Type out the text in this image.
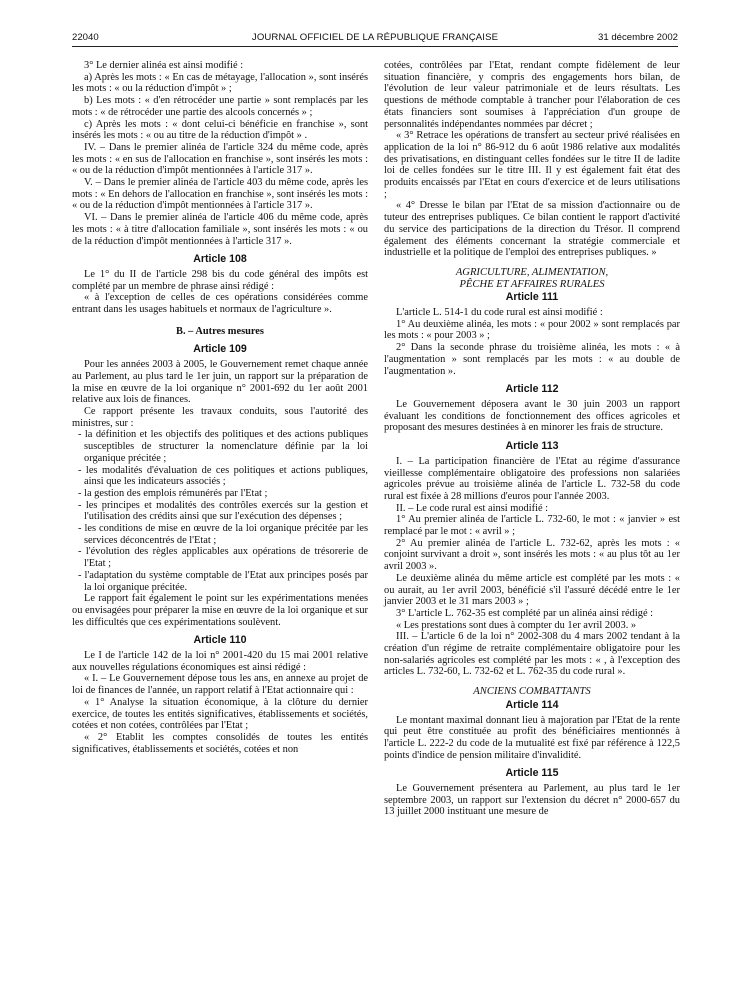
22040	JOURNAL OFFICIEL DE LA RÉPUBLIQUE FRANÇAISE	31 décembre 2002

3° Le dernier alinéa est ainsi modifié :

a) Après les mots : « En cas de métayage, l'allocation », sont insérés les mots : « ou la réduction d'impôt » ;

b) Les mots : « d'en rétrocéder une partie » sont remplacés par les mots : « de rétrocéder une partie des alcools concernés » ;

c) Après les mots : « dont celui-ci bénéficie en franchise », sont insérés les mots : « ou au titre de la réduction d'impôt » .

IV. – Dans le premier alinéa de l'article 324 du même code, après les mots : « en sus de l'allocation en franchise », sont insérés les mots : « ou de la réduction d'impôt mentionnées à l'article 317 ».

V. – Dans le premier alinéa de l'article 403 du même code, après les mots : « En dehors de l'allocation en franchise », sont insérés les mots : « ou de la réduction d'impôt mentionnées à l'article 317 ».

VI. – Dans le premier alinéa de l'article 406 du même code, après les mots : « à titre d'allocation familiale », sont insérés les mots : « ou de la réduction d'impôt mentionnées à l'article 317 ».

Article 108

Le 1° du II de l'article 298 bis du code général des impôts est complété par un membre de phrase ainsi rédigé :

« à l'exception de celles de ces opérations considérées comme entrant dans les usages habituels et normaux de l'agriculture ».

B. – Autres mesures
Article 109

Pour les années 2003 à 2005, le Gouvernement remet chaque année au Parlement, au plus tard le 1er juin, un rapport sur la préparation de la mise en œuvre de la loi organique n° 2001-692 du 1er août 2001 relative aux lois de finances.

Ce rapport présente les travaux conduits, sous l'autorité des ministres, sur :

- la définition et les objectifs des politiques et des actions publiques susceptibles de structurer la nomenclature définie par la loi organique précitée ;

- les modalités d'évaluation de ces politiques et actions publiques, ainsi que les indicateurs associés ;

- la gestion des emplois rémunérés par l'Etat ;

- les principes et modalités des contrôles exercés sur la gestion et l'utilisation des crédits ainsi que sur l'exécution des dépenses ;

- les conditions de mise en œuvre de la loi organique précitée par les services déconcentrés de l'Etat ;

- l'évolution des règles applicables aux opérations de trésorerie de l'Etat ;

- l'adaptation du système comptable de l'Etat aux principes posés par la loi organique précitée.

Le rapport fait également le point sur les expérimentations menées ou envisagées pour préparer la mise en œuvre de la loi organique et sur les difficultés que ces expérimentations soulèvent.

Article 110

Le I de l'article 142 de la loi n° 2001-420 du 15 mai 2001 relative aux nouvelles régulations économiques est ainsi rédigé :

« I. – Le Gouvernement dépose tous les ans, en annexe au projet de loi de finances de l'année, un rapport relatif à l'Etat actionnaire qui :

« 1° Analyse la situation économique, à la clôture du dernier exercice, de toutes les entités significatives, établissements et sociétés, cotées et non cotées, contrôlées par l'Etat ;

« 2° Etablit les comptes consolidés de toutes les entités significatives, établissements et sociétés, cotées et non

cotées, contrôlées par l'Etat, rendant compte fidèlement de leur situation financière, y compris des engagements hors bilan, de l'évolution de leur valeur patrimoniale et de leurs résultats. Les questions de méthode comptable à trancher pour l'élaboration de ces états financiers sont soumises à l'appréciation d'un groupe de personnalités indépendantes nommées par décret ;

« 3° Retrace les opérations de transfert au secteur privé réalisées en application de la loi n° 86-912 du 6 août 1986 relative aux modalités des privatisations, en distinguant celles fondées sur le titre II de ladite loi de celles fondées sur le titre III. Il y est également fait état des produits encaissés par l'Etat en cours d'exercice et de leurs utilisations ;

« 4° Dresse le bilan par l'Etat de sa mission d'actionnaire ou de tuteur des entreprises publiques. Ce bilan contient le rapport d'activité du service des participations de la direction du Trésor. Il comprend également des éléments concernant la stratégie commerciale et industrielle et la politique de l'emploi des entreprises publiques. »

AGRICULTURE, ALIMENTATION,
PÊCHE ET AFFAIRES RURALES
Article 111

L'article L. 514-1 du code rural est ainsi modifié :

1° Au deuxième alinéa, les mots : « pour 2002 » sont remplacés par les mots : « pour 2003 » ;

2° Dans la seconde phrase du troisième alinéa, les mots : « à l'augmentation » sont remplacés par les mots : « au double de l'augmentation ».

Article 112

Le Gouvernement déposera avant le 30 juin 2003 un rapport évaluant les conditions de fonctionnement des offices agricoles et proposant des mesures destinées à en minorer les frais de structure.

Article 113

I. – La participation financière de l'Etat au régime d'assurance vieillesse complémentaire obligatoire des professions non salariées agricoles prévue au troisième alinéa de l'article L. 732-58 du code rural est fixée à 28 millions d'euros pour l'année 2003.

II. – Le code rural est ainsi modifié :

1° Au premier alinéa de l'article L. 732-60, le mot : « janvier » est remplacé par le mot : « avril » ;

2° Au premier alinéa de l'article L. 732-62, après les mots : « conjoint survivant a droit », sont insérés les mots : « au plus tôt au 1er avril 2003 ».

Le deuxième alinéa du même article est complété par les mots : « ou aurait, au 1er avril 2003, bénéficié s'il l'assuré décédé entre le 1er janvier 2003 et le 31 mars 2003 » ;

3° L'article L. 762-35 est complété par un alinéa ainsi rédigé :

« Les prestations sont dues à compter du 1er avril 2003. »

III. – L'article 6 de la loi n° 2002-308 du 4 mars 2002 tendant à la création d'un régime de retraite complémentaire obligatoire pour les non-salariés agricoles est complété par les mots : « , à l'exception des articles L. 732-60, L. 732-62 et L. 762-35 du code rural ».

ANCIENS COMBATTANTS
Article 114

Le montant maximal donnant lieu à majoration par l'Etat de la rente qui peut être constituée au profit des bénéficiaires mentionnés à l'article L. 222-2 du code de la mutualité est fixé par référence à 122,5 points d'indice de pension militaire d'invalidité.

Article 115

Le Gouvernement présentera au Parlement, au plus tard le 1er septembre 2003, un rapport sur l'extension du décret n° 2000-657 du 13 juillet 2000 instituant une mesure de
